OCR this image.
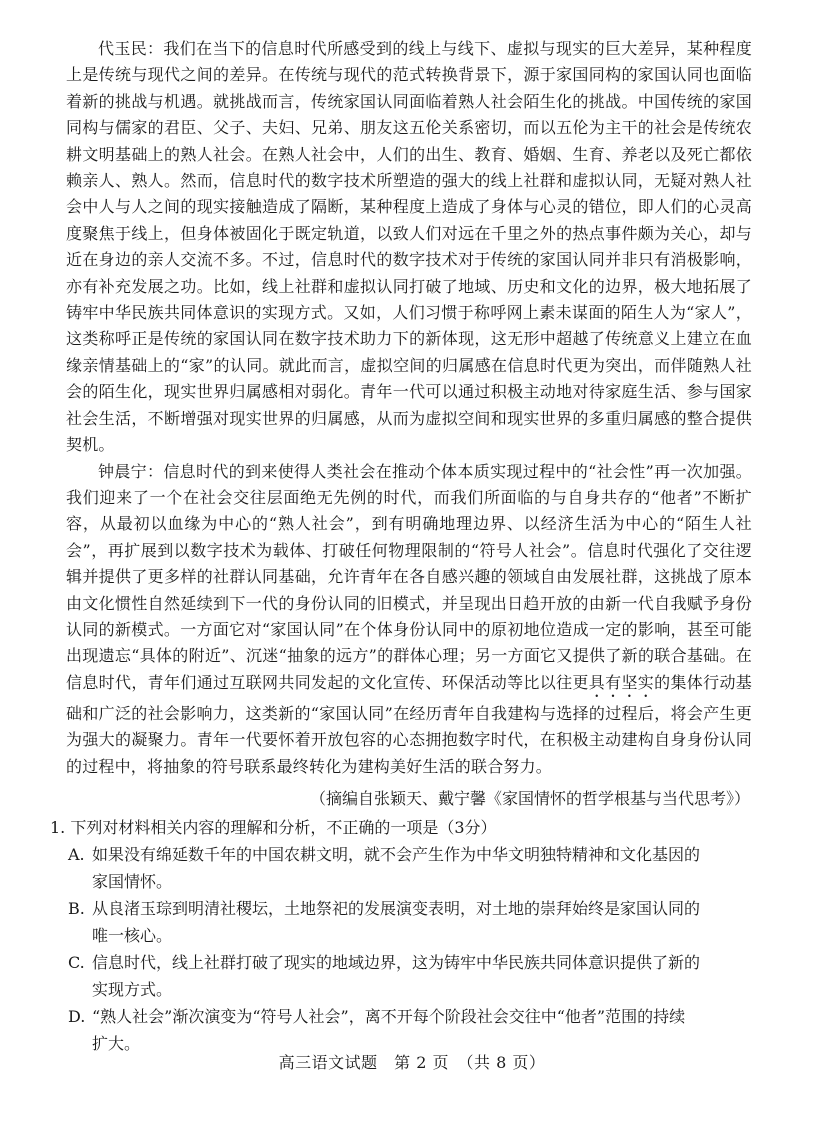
代玉民：我们在当下的信息时代所感受到的线上与线下、虚拟与现实的巨大差异，某种程度上是传统与现代之间的差异。在传统与现代的范式转换背景下，源于家国同构的家国认同也面临着新的挑战与机遇。就挑战而言，传统家国认同面临着熟人社会陌生化的挑战。中国传统的家国同构与儒家的君臣、父子、夫妇、兄弟、朋友这五伦关系密切，而以五伦为主干的社会是传统农耕文明基础上的熟人社会。在熟人社会中，人们的出生、教育、婚姻、生育、养老以及死亡都依赖亲人、熟人。然而，信息时代的数字技术所塑造的强大的线上社群和虚拟认同，无疑对熟人社会中人与人之间的现实接触造成了隔断，某种程度上造成了身体与心灵的错位，即人们的心灵高度聚焦于线上，但身体被固化于既定轨道，以致人们对远在千里之外的热点事件颇为关心，却与近在身边的亲人交流不多。不过，信息时代的数字技术对于传统的家国认同并非只有消极影响，亦有补充发展之功。比如，线上社群和虚拟认同打破了地域、历史和文化的边界，极大地拓展了铸牢中华民族共同体意识的实现方式。又如，人们习惯于称呼网上素未谋面的陌生人为“家人”，这类称呼正是传统的家国认同在数字技术助力下的新体现，这无形中超越了传统意义上建立在血缘亲情基础上的“家”的认同。就此而言，虚拟空间的归属感在信息时代更为突出，而伴随熟人社会的陌生化，现实世界归属感相对弱化。青年一代可以通过积极主动地对待家庭生活、参与国家社会生活，不断增强对现实世界的归属感，从而为虚拟空间和现实世界的多重归属感的整合提供契机。

钟晨宁：信息时代的到来使得人类社会在推动个体本质实现过程中的“社会性”再一次加强。我们迎来了一个在社会交往层面绝无先例的时代，而我们所面临的与自身共存的“他者”不断扩容，从最初以血缘为中心的“熟人社会”，到有明确地理边界、以经济生活为中心的“陌生人社会”，再扩展到以数字技术为载体、打破任何物理限制的“符号人社会”。信息时代强化了交往逻辑并提供了更多样的社群认同基础，允许青年在各自感兴趣的领域自由发展社群，这挑战了原本由文化惯性自然延续到下一代的身份认同的旧模式，并呈现出日趋开放的由新一代自我赋予身份认同的新模式。一方面它对“家国认同”在个体身份认同中的原初地位造成一定的影响，甚至可能出现遗忘“具体的附近”、沉迷“抽象的远方”的群体心理；另一方面它又提供了新的联合基础。在信息时代，青年们通过互联网共同发起的文化宣传、环保活动等比以往更具有坚实的集体行动基础和广泛的社会影响力，这类新的“家国认同”在经历青年自我建构与选择的过程后，将会产生更为强大的凝聚力。青年一代要怀着开放包容的心态拥抱数字时代，在积极主动建构自身身份认同的过程中，将抽象的符号联系最终转化为建构美好生活的联合努力。

（摘编自张颖天、戴宁馨《家国情怀的哲学根基与当代思考》）

1. 下列对材料相关内容的理解和分析，不正确的一项是（3分）
A. 如果没有绵延数千年的中国农耕文明，就不会产生作为中华文明独特精神和文化基因的
家国情怀。
B. 从良渚玉琮到明清社稷坛，土地祭祀的发展演变表明，对土地的崇拜始终是家国认同的
唯一核心。
C. 信息时代，线上社群打破了现实的地域边界，这为铸牢中华民族共同体意识提供了新的
实现方式。
D. “熟人社会”渐次演变为“符号人社会”，离不开每个阶段社会交往中“他者”范围的持续
扩大。
高三语文试题　第 2 页　（共 8 页）
